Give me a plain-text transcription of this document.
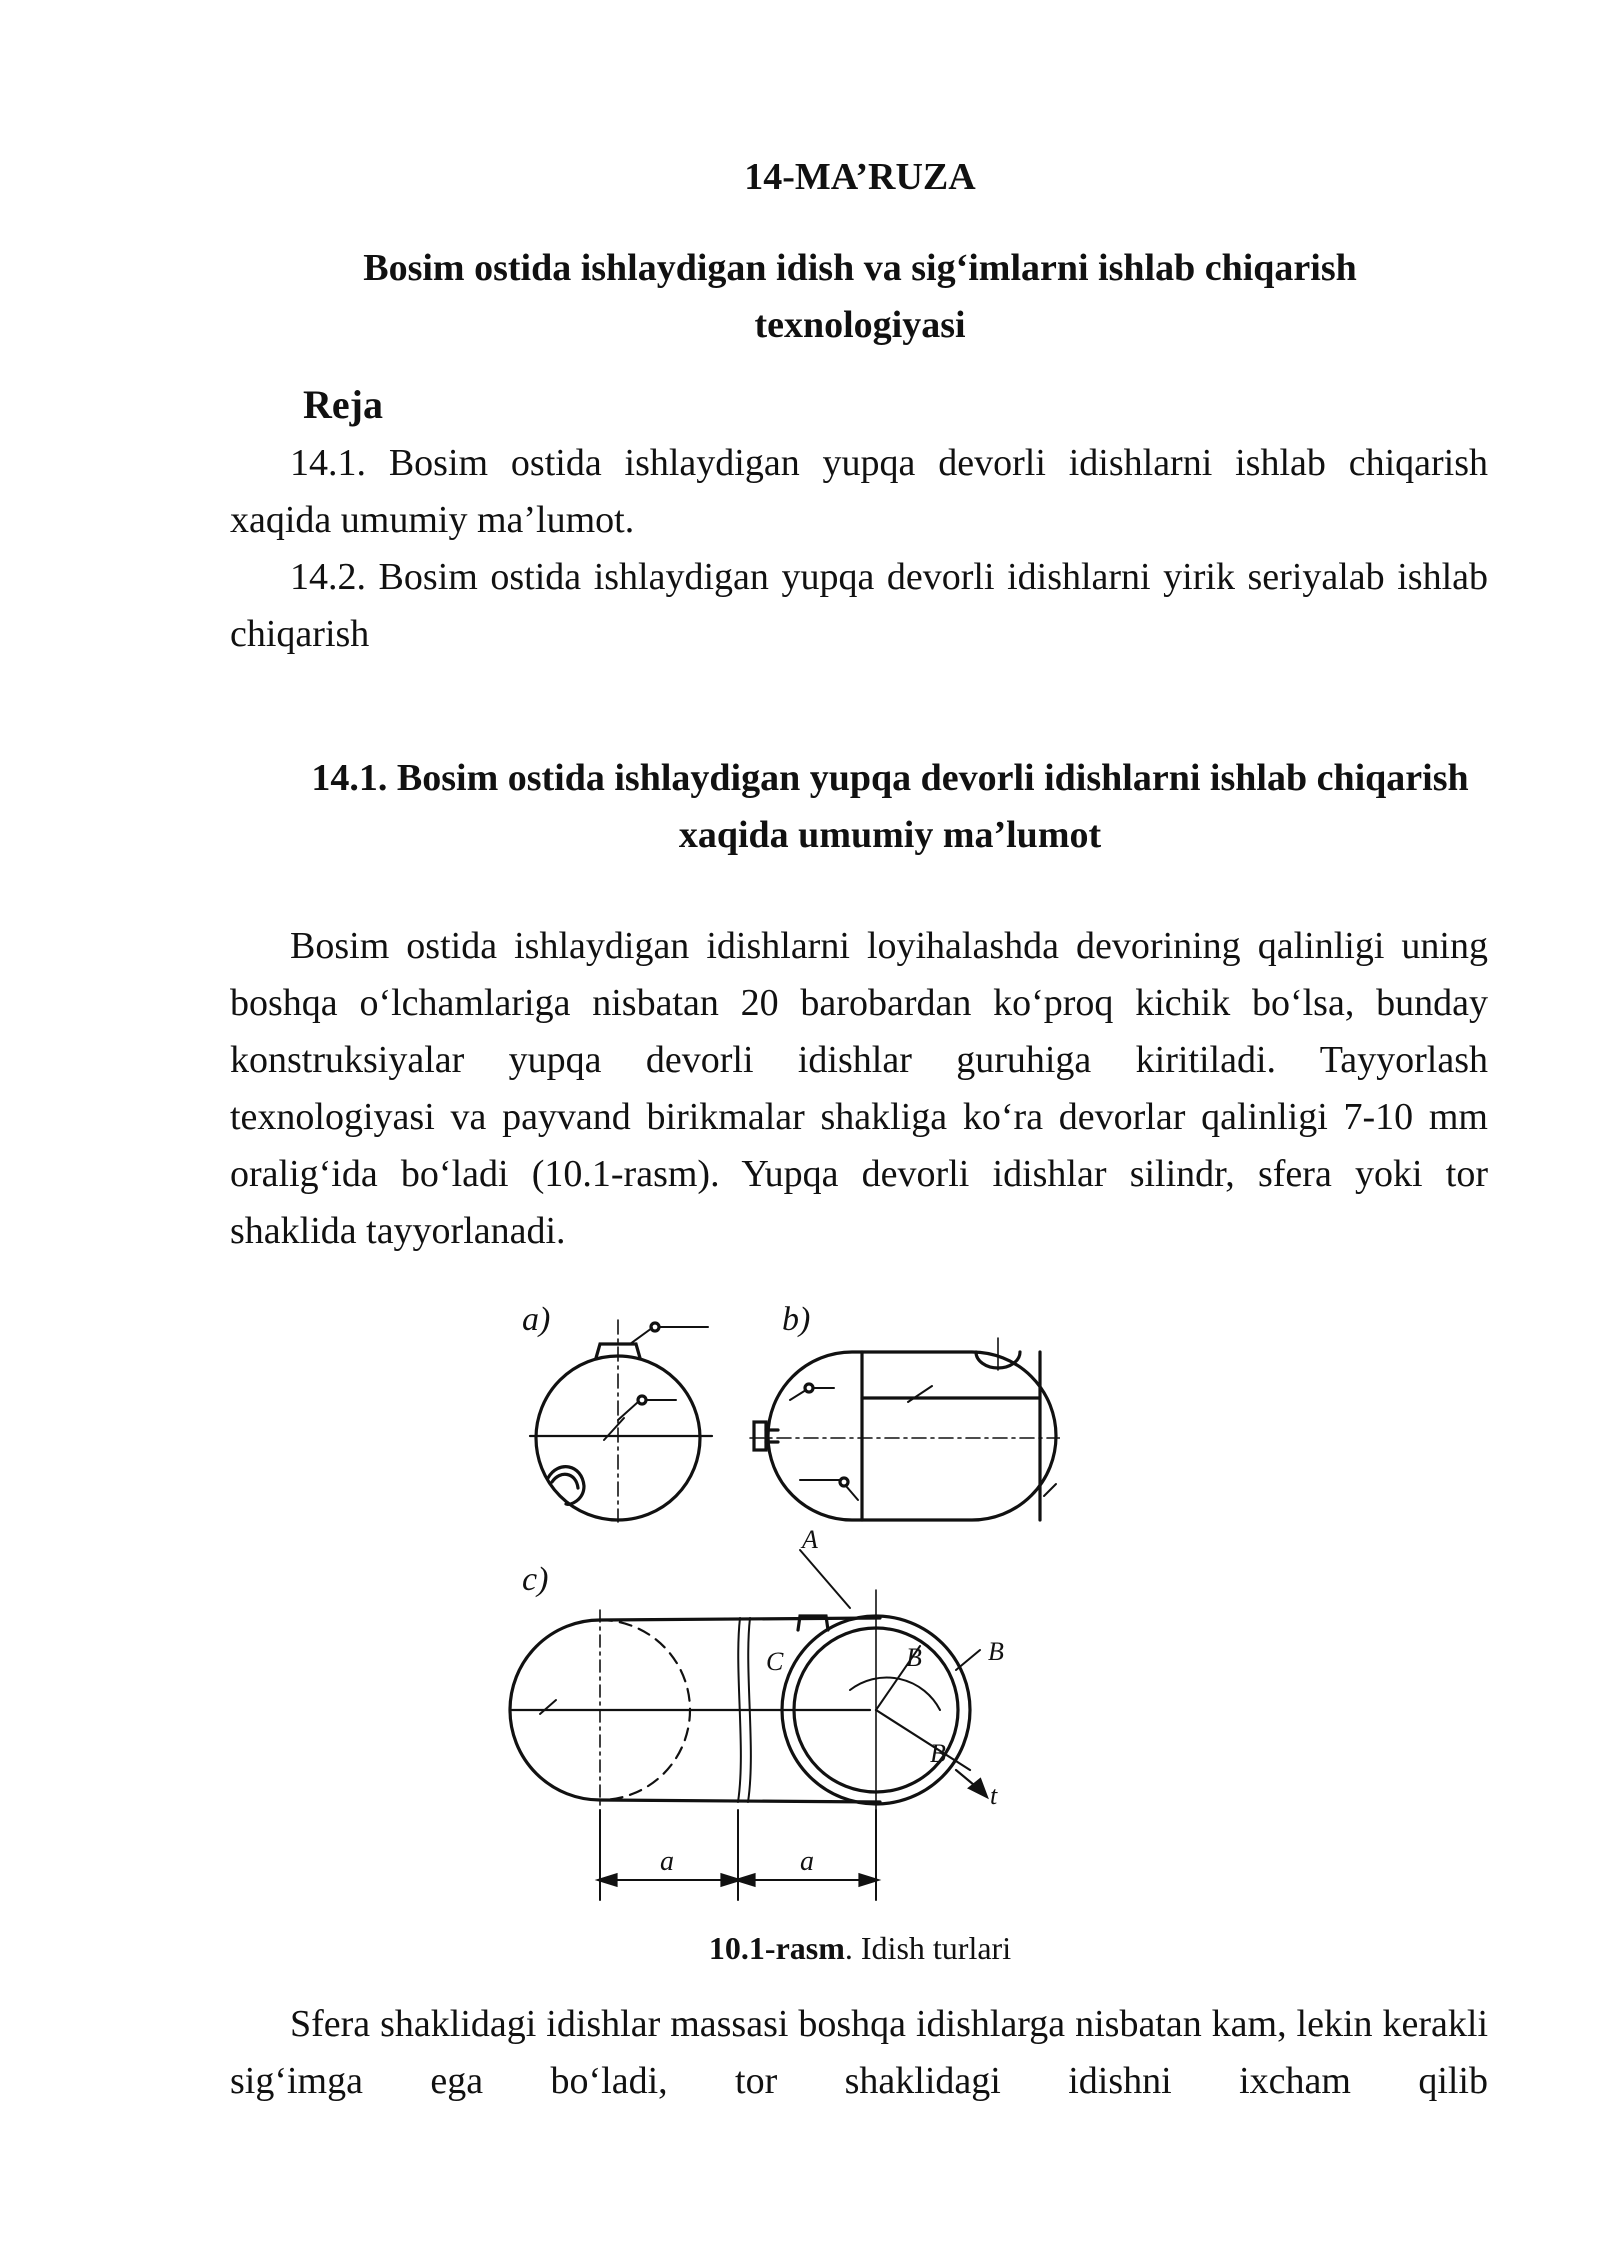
14-MA’RUZA
Bosim ostida ishlaydigan idish va sig‘imlarni ishlab chiqarish texnologiyasi
Reja

14.1. Bosim ostida ishlaydigan yupqa devorli idishlarni ishlab chiqarish xaqida umumiy ma’lumot.

14.2. Bosim ostida ishlaydigan yupqa devorli idishlarni yirik seriyalab ishlab chiqarish

14.1. Bosim ostida ishlaydigan yupqa devorli idishlarni ishlab chiqarish xaqida umumiy ma’lumot

Bosim ostida ishlaydigan idishlarni loyihalashda devorining qalinligi uning boshqa o‘lchamlariga nisbatan 20 barobardan ko‘proq kichik bo‘lsa, bunday konstruksiyalar yupqa devorli idishlar guruhiga kiritiladi. Tayyorlash texnologiyasi va payvand birikmalar shakliga ko‘ra devorlar qalinligi 7-10 mm oralig‘ida bo‘ladi (10.1-rasm). Yupqa devorli idishlar silindr, sfera yoki tor shaklida tayyorlanadi.

a)	b)
c)
A
B	B
B
C
t
a	a
10.1-rasm. Idish turlari

Sfera shaklidagi idishlar massasi boshqa idishlarga nisbatan kam, lekin kerakli sig‘imga ega bo‘ladi, tor shaklidagi idishni ixcham qilib
